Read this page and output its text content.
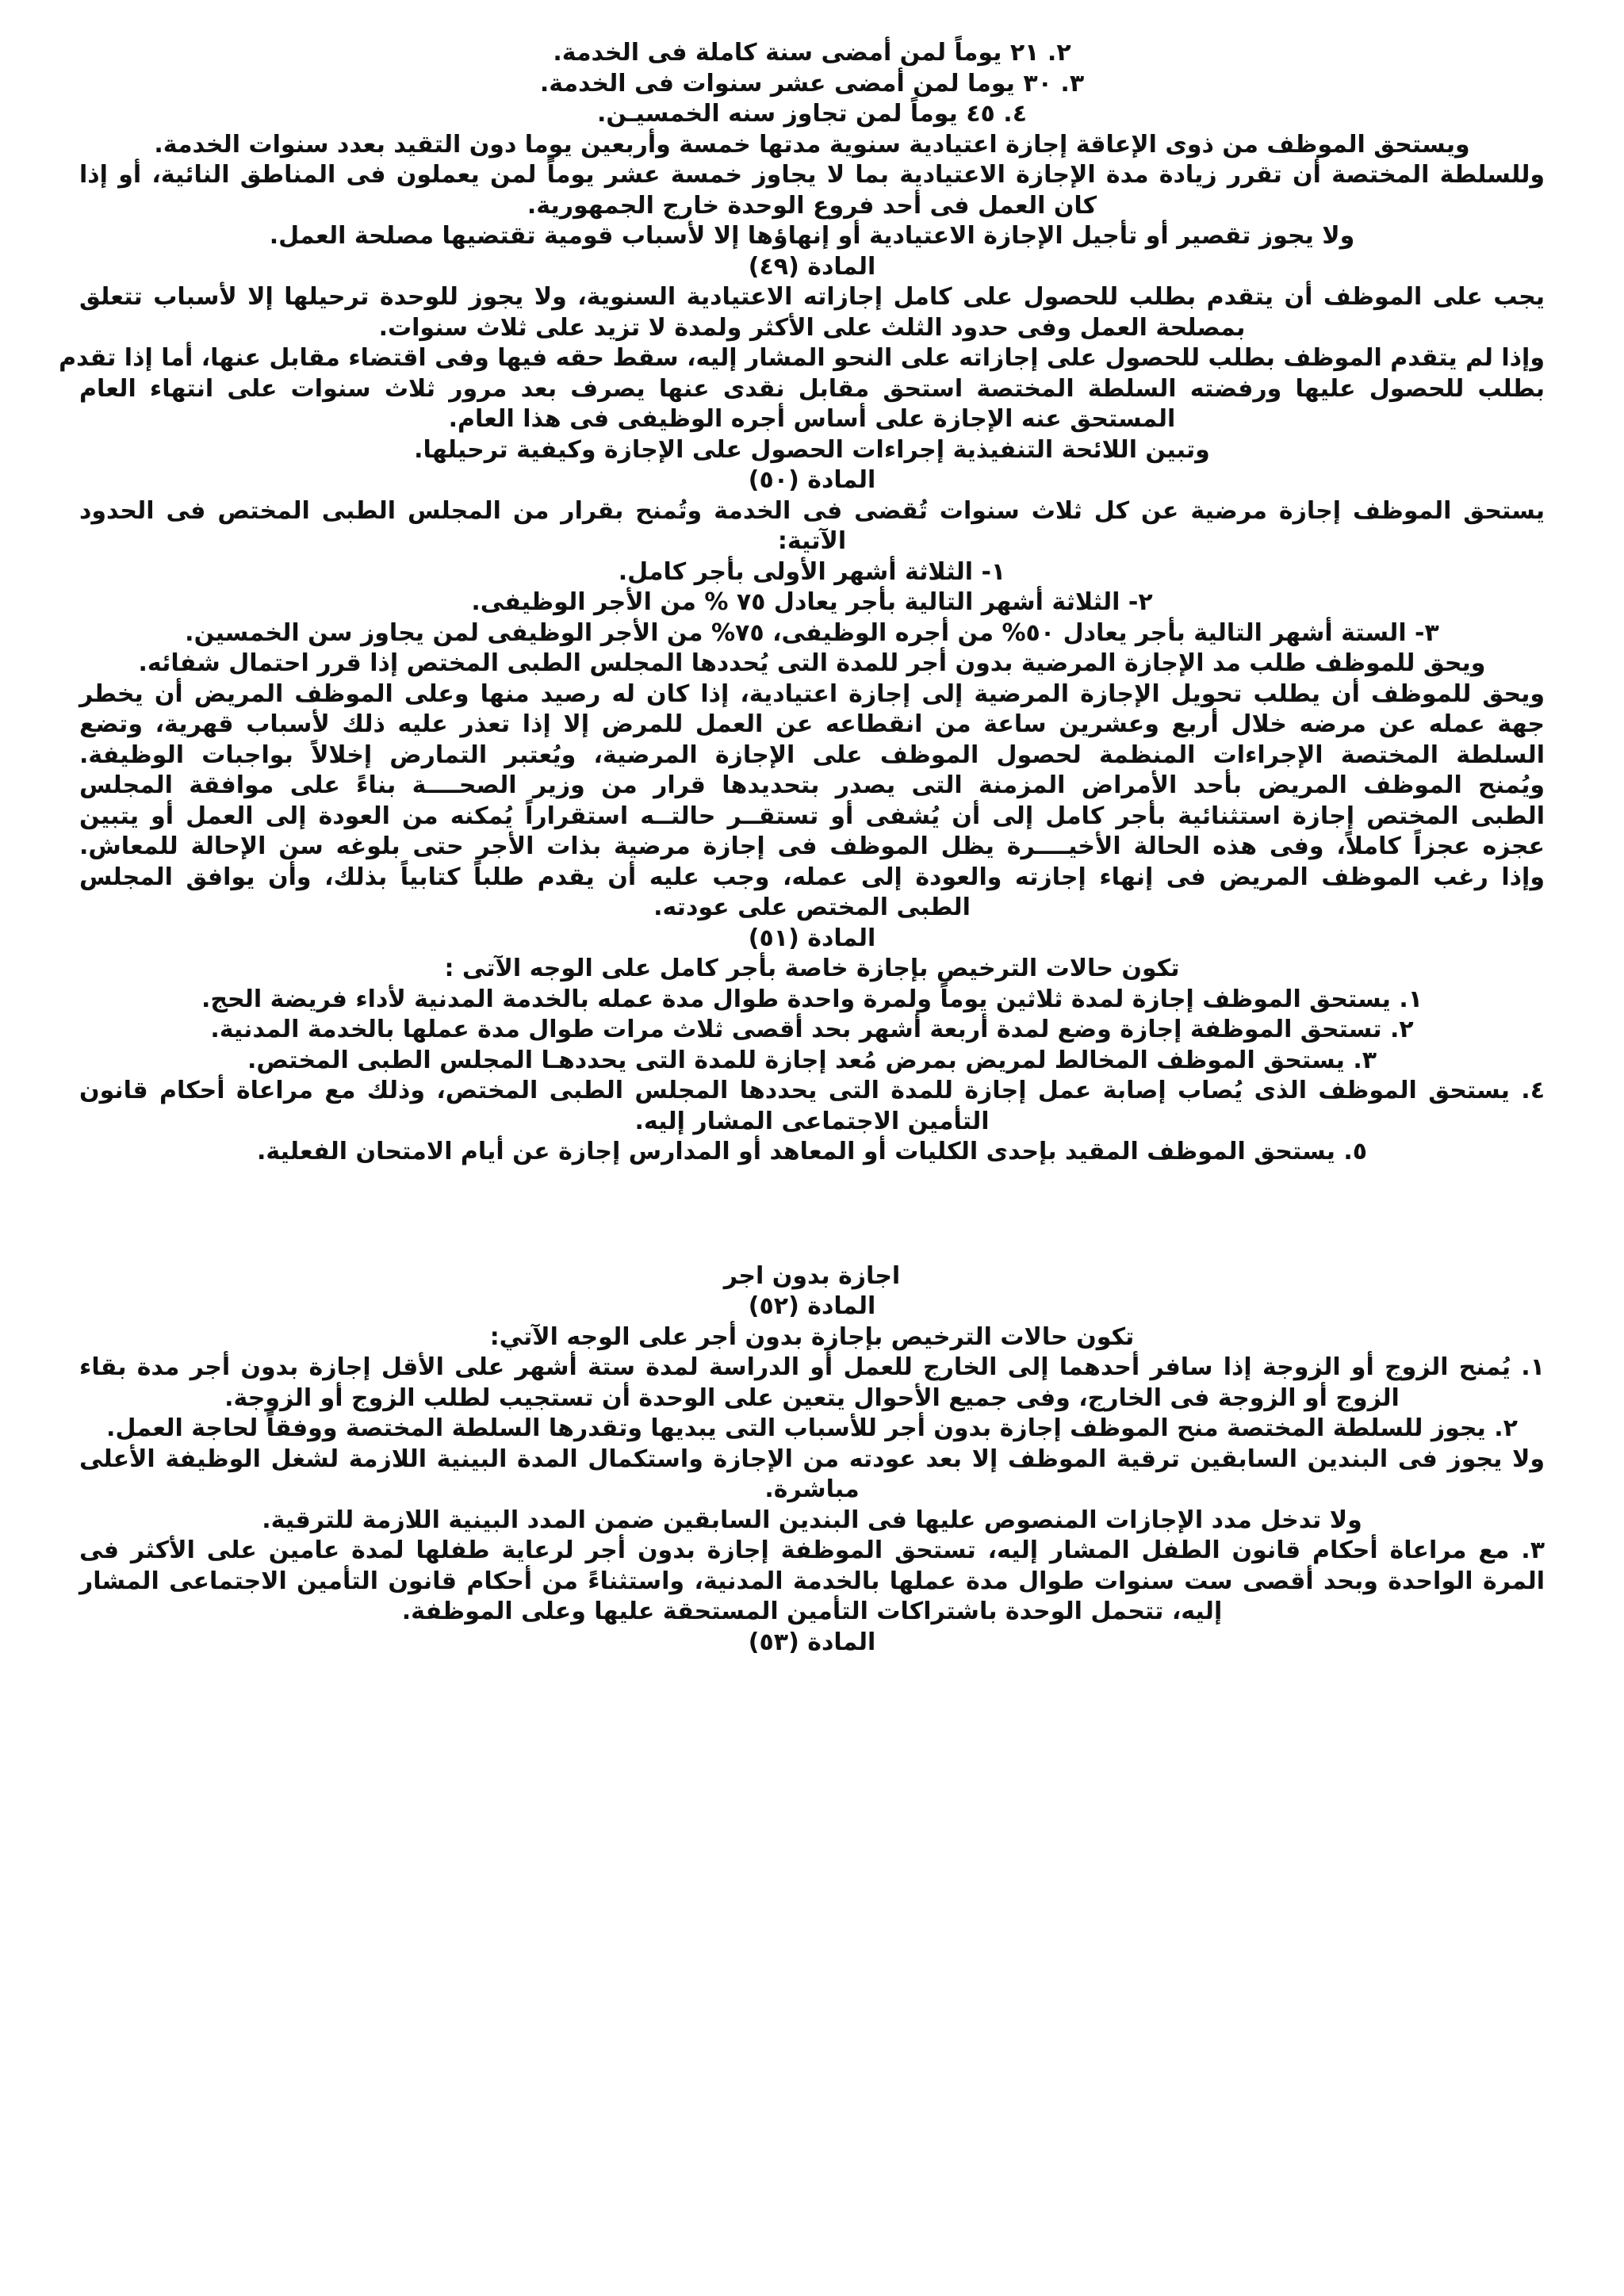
٢. ٢١ يوماً لمن أمضى سنة كاملة فى الخدمة.
٣. ٣٠ يوما لمن أمضى عشر سنوات فى الخدمة.
٤. ٤٥ يوماً لمن تجاوز سنه الخمسيـن.
ويستحق الموظف من ذوى الإعاقة إجازة اعتيادية سنوية مدتها خمسة وأربعين يوما دون التقيد بعدد سنوات الخدمة.
وللسلطة المختصة أن تقرر زيادة مدة الإجازة الاعتيادية بما لا يجاوز خمسة عشر يوماً لمن يعملون فى المناطق النائية، أو إذا
كان العمل فى أحد فروع الوحدة خارج الجمهورية.
ولا يجوز تقصير أو تأجيل الإجازة الاعتيادية أو إنهاؤها إلا لأسباب قومية تقتضيها مصلحة العمل.
المادة (٤٩)
يجب على الموظف أن يتقدم بطلب للحصول على كامل إجازاته الاعتيادية السنوية، ولا يجوز للوحدة ترحيلها إلا لأسباب تتعلق
بمصلحة العمل وفى حدود الثلث على الأكثر ولمدة لا تزيد على ثلاث سنوات.
وإذا لم يتقدم الموظف بطلب للحصول على إجازاته على النحو المشار إليه، سقط حقه فيها وفى اقتضاء مقابل عنها، أما إذا تقدم
بطلب للحصول عليها ورفضته السلطة المختصة استحق مقابل نقدى عنها يصرف بعد مرور ثلاث سنوات على انتهاء العام
المستحق عنه الإجازة على أساس أجره الوظيفى فى هذا العام.
وتبين اللائحة التنفيذية إجراءات الحصول على الإجازة وكيفية ترحيلها.
المادة (٥٠)
يستحق الموظف إجازة مرضية عن كل ثلاث سنوات تُقضى فى الخدمة وتُمنح بقرار من المجلس الطبى المختص فى الحدود
الآتية:
١- الثلاثة أشهر الأولى بأجر كامل.
٢- الثلاثة أشهر التالية بأجر يعادل ٧٥ % من الأجر الوظيفى.
٣- الستة أشهر التالية بأجر يعادل ٥٠% من أجره الوظيفى، ٧٥% من الأجر الوظيفى لمن يجاوز سن الخمسين.
ويحق للموظف طلب مد الإجازة المرضية بدون أجر للمدة التى يُحددها المجلس الطبى المختص إذا قرر احتمال شفائه.
ويحق للموظف أن يطلب تحويل الإجازة المرضية إلى إجازة اعتيادية، إذا كان له رصيد منها وعلى الموظف المريض أن يخطر
جهة عمله عن مرضه خلال أربع وعشرين ساعة من انقطاعه عن العمل للمرض إلا إذا تعذر عليه ذلك لأسباب قهرية، وتضع
السلطة المختصة الإجراءات المنظمة لحصول الموظف على الإجازة المرضية، ويُعتبر التمارض إخلالاً بواجبات الوظيفة.
ويُمنح الموظف المريض بأحد الأمراض المزمنة التى يصدر بتحديدها قرار من وزير الصحــــة بناءً على موافقة المجلس
الطبى المختص إجازة استثنائية بأجر كامل إلى أن يُشفى أو تستقــر حالتــه استقراراً يُمكنه من العودة إلى العمل أو يتبين
عجزه عجزاً كاملاً، وفى هذه الحالة الأخيــــرة يظل الموظف فى إجازة مرضية بذات الأجر حتى بلوغه سن الإحالة للمعاش.
وإذا رغب الموظف المريض فى إنهاء إجازته والعودة إلى عمله، وجب عليه أن يقدم طلباً كتابياً بذلك، وأن يوافق المجلس
الطبى المختص على عودته.
المادة (٥١)
تكون حالات الترخيص بإجازة خاصة بأجر كامل على الوجه الآتى :
١. يستحق الموظف إجازة لمدة ثلاثين يوماً ولمرة واحدة طوال مدة عمله بالخدمة المدنية لأداء فريضة الحج.
٢. تستحق الموظفة إجازة وضع لمدة أربعة أشهر بحد أقصى ثلاث مرات طوال مدة عملها بالخدمة المدنية.
٣. يستحق الموظف المخالط لمريض بمرض مُعد إجازة للمدة التى يحددهـا المجلس الطبى المختص.
٤. يستحق الموظف الذى يُصاب إصابة عمل إجازة للمدة التى يحددها المجلس الطبى المختص، وذلك مع مراعاة أحكام قانون
التأمين الاجتماعى المشار إليه.
٥. يستحق الموظف المقيد بإحدى الكليات أو المعاهد أو المدارس إجازة عن أيام الامتحان الفعلية.
اجازة بدون اجر
المادة (٥٢)
تكون حالات الترخيص بإجازة بدون أجر على الوجه الآتي:
١. يُمنح الزوج أو الزوجة إذا سافر أحدهما إلى الخارج للعمل أو الدراسة لمدة ستة أشهر على الأقل إجازة بدون أجر مدة بقاء
الزوج أو الزوجة فى الخارج، وفى جميع الأحوال يتعين على الوحدة أن تستجيب لطلب الزوج أو الزوجة.
٢. يجوز للسلطة المختصة منح الموظف إجازة بدون أجر للأسباب التى يبديها وتقدرها السلطة المختصة ووفقاً لحاجة العمل.
ولا يجوز فى البندين السابقين ترقية الموظف إلا بعد عودته من الإجازة واستكمال المدة البينية اللازمة لشغل الوظيفة الأعلى
مباشرة.
ولا تدخل مدد الإجازات المنصوص عليها فى البندين السابقين ضمن المدد البينية اللازمة للترقية.
٣. مع مراعاة أحكام قانون الطفل المشار إليه، تستحق الموظفة إجازة بدون أجر لرعاية طفلها لمدة عامين على الأكثر فى
المرة الواحدة وبحد أقصى ست سنوات طوال مدة عملها بالخدمة المدنية، واستثناءً من أحكام قانون التأمين الاجتماعى المشار
إليه، تتحمل الوحدة باشتراكات التأمين المستحقة عليها وعلى الموظفة.
المادة (٥٣)
